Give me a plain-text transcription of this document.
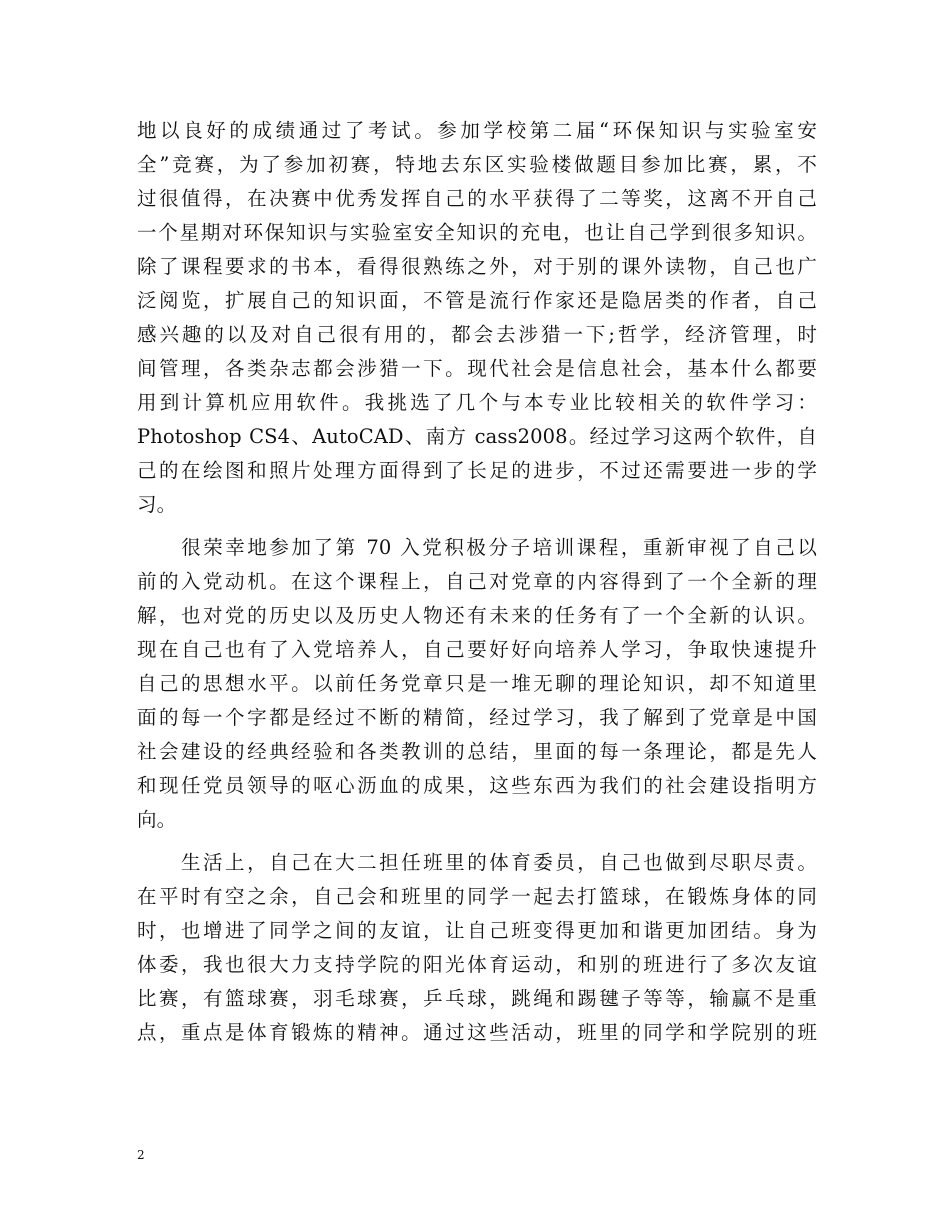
地以良好的成绩通过了考试。参加学校第二届“环保知识与实验室安
全”竞赛，为了参加初赛，特地去东区实验楼做题目参加比赛，累，不
过很值得，在决赛中优秀发挥自己的水平获得了二等奖，这离不开自己
一个星期对环保知识与实验室安全知识的充电，也让自己学到很多知识。
除了课程要求的书本，看得很熟练之外，对于别的课外读物，自己也广
泛阅览，扩展自己的知识面，不管是流行作家还是隐居类的作者，自己
感兴趣的以及对自己很有用的，都会去涉猎一下;哲学，经济管理，时
间管理，各类杂志都会涉猎一下。现代社会是信息社会，基本什么都要
用到计算机应用软件。我挑选了几个与本专业比较相关的软件学习：
Photoshop CS4、AutoCAD、南方 cass2008。经过学习这两个软件，自
己的在绘图和照片处理方面得到了长足的进步，不过还需要进一步的学
习。
　　很荣幸地参加了第 70 入党积极分子培训课程，重新审视了自己以
前的入党动机。在这个课程上，自己对党章的内容得到了一个全新的理
解，也对党的历史以及历史人物还有未来的任务有了一个全新的认识。
现在自己也有了入党培养人，自己要好好向培养人学习，争取快速提升
自己的思想水平。以前任务党章只是一堆无聊的理论知识，却不知道里
面的每一个字都是经过不断的精简，经过学习，我了解到了党章是中国
社会建设的经典经验和各类教训的总结，里面的每一条理论，都是先人
和现任党员领导的呕心沥血的成果，这些东西为我们的社会建设指明方
向。
　　生活上，自己在大二担任班里的体育委员，自己也做到尽职尽责。
在平时有空之余，自己会和班里的同学一起去打篮球，在锻炼身体的同
时，也增进了同学之间的友谊，让自己班变得更加和谐更加团结。身为
体委，我也很大力支持学院的阳光体育运动，和别的班进行了多次友谊
比赛，有篮球赛，羽毛球赛，乒乓球，跳绳和踢毽子等等，输赢不是重
点，重点是体育锻炼的精神。通过这些活动，班里的同学和学院别的班
2
